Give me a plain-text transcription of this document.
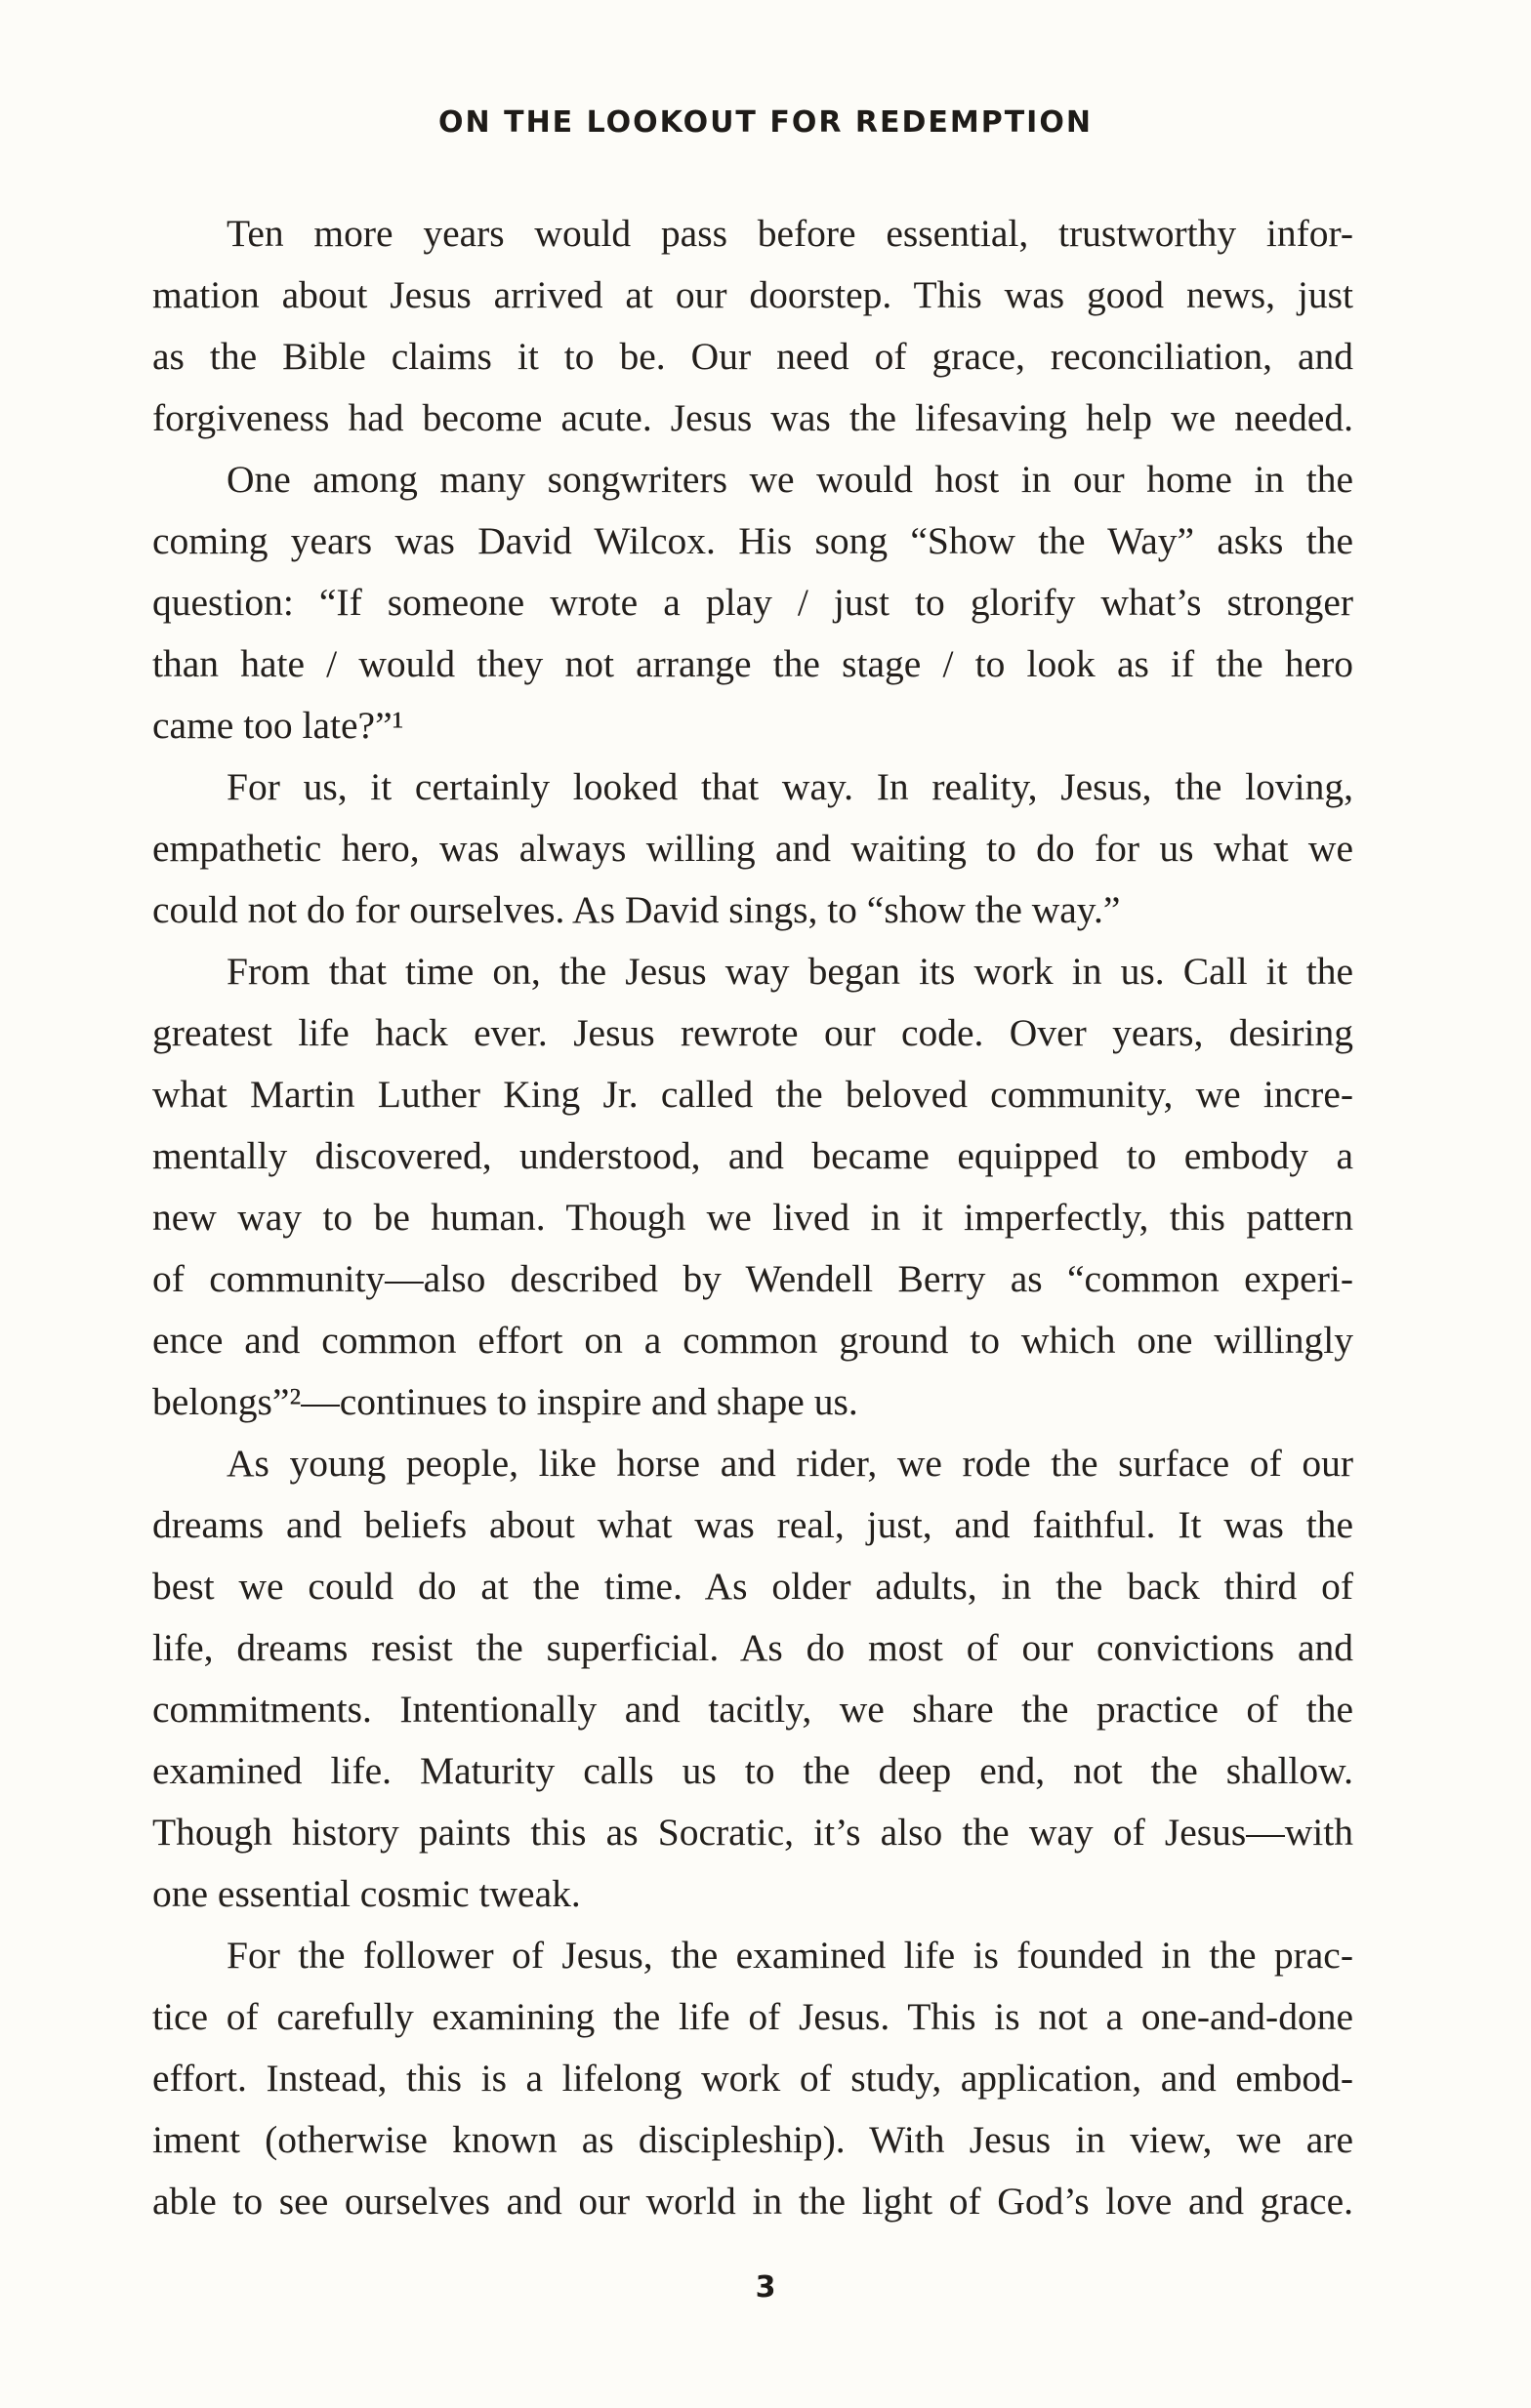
ON THE LOOKOUT FOR REDEMPTION
Ten more years would pass before essential, trustworthy infor-
mation about Jesus arrived at our doorstep. This was good news, just
as the Bible claims it to be. Our need of grace, reconciliation, and
forgiveness had become acute. Jesus was the lifesaving help we needed.
One among many songwriters we would host in our home in the
coming years was David Wilcox. His song “Show the Way” asks the
question: “If someone wrote a play / just to glorify what’s stronger
than hate / would they not arrange the stage / to look as if the hero
came too late?”¹
For us, it certainly looked that way. In reality, Jesus, the loving,
empathetic hero, was always willing and waiting to do for us what we
could not do for ourselves. As David sings, to “show the way.”
From that time on, the Jesus way began its work in us. Call it the
greatest life hack ever. Jesus rewrote our code. Over years, desiring
what Martin Luther King Jr. called the beloved community, we incre-
mentally discovered, understood, and became equipped to embody a
new way to be human. Though we lived in it imperfectly, this pattern
of community—also described by Wendell Berry as “common experi-
ence and common effort on a common ground to which one willingly
belongs”²—continues to inspire and shape us.
As young people, like horse and rider, we rode the surface of our
dreams and beliefs about what was real, just, and faithful. It was the
best we could do at the time. As older adults, in the back third of
life, dreams resist the superficial. As do most of our convictions and
commitments. Intentionally and tacitly, we share the practice of the
examined life. Maturity calls us to the deep end, not the shallow.
Though history paints this as Socratic, it’s also the way of Jesus—with
one essential cosmic tweak.
For the follower of Jesus, the examined life is founded in the prac-
tice of carefully examining the life of Jesus. This is not a one-and-done
effort. Instead, this is a lifelong work of study, application, and embod-
iment (otherwise known as discipleship). With Jesus in view, we are
able to see ourselves and our world in the light of God’s love and grace.
3
